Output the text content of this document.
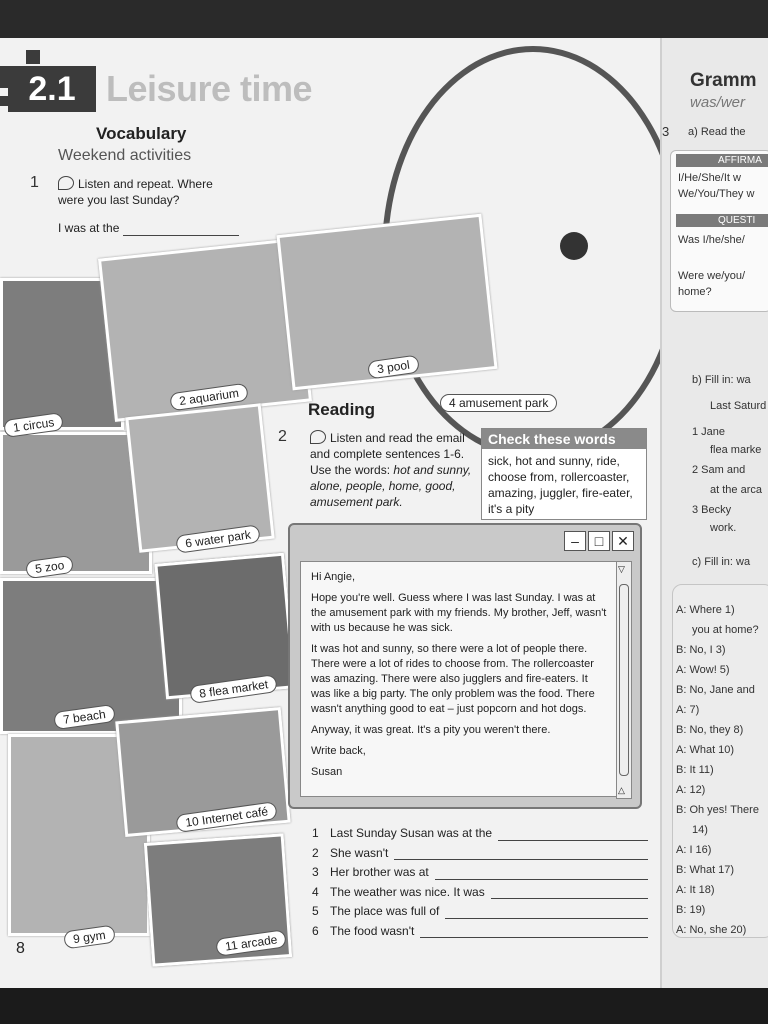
2.1 Leisure time
Vocabulary
Weekend activities
1	Listen and repeat. Where were you last Sunday?
I was at the
1 circus
2 aquarium
3 pool
4 amusement park
5 zoo
6 water park
7 beach
8 flea market
9 gym
10 Internet café
11 arcade
Reading
2	Listen and read the email and complete sentences 1-6. Use the words: hot and sunny, alone, people, home, good, amusement park.
Check these words
sick, hot and sunny, ride, choose from, rollercoaster, amazing, juggler, fire-eater, it's a pity
–	□ ✕

Hi Angie,

Hope you're well. Guess where I was last Sunday. I was at the amusement park with my friends. My brother, Jeff, wasn't with us because he was sick.

It was hot and sunny, so there were a lot of people there. There were a lot of rides to choose from. The rollercoaster was amazing. There were also jugglers and fire-eaters. It was like a big party. The only problem was the food. There wasn't anything good to eat – just popcorn and hot dogs.

Anyway, it was great. It's a pity you weren't there.

Write back,

Susan

▽
△
1 Last Sunday Susan was at the
2 She wasn't
3 Her brother was at
4 The weather was nice. It was
5 The place was full of
6 The food wasn't
8
Gramm
was/wer
3 a) Read the
AFFIRMA
I/He/She/It w
We/You/They w
QUESTI
Was I/he/she/
Were we/you/
home?
b) Fill in: wa
Last Saturd
1 Jane
flea marke
2 Sam and
at the arca
3 Becky
work.
c) Fill in: wa
A: Where 1)
you at home?
B: No, I 3)
A: Wow! 5)
B: No, Jane and
A: 7)
B: No, they 8)
A: What 10)
B: It 11)
A: 12)
B: Oh yes! There
14)
A: I 16)
B: What 17)
A: It 18)
B: 19)
A: No, she 20)
